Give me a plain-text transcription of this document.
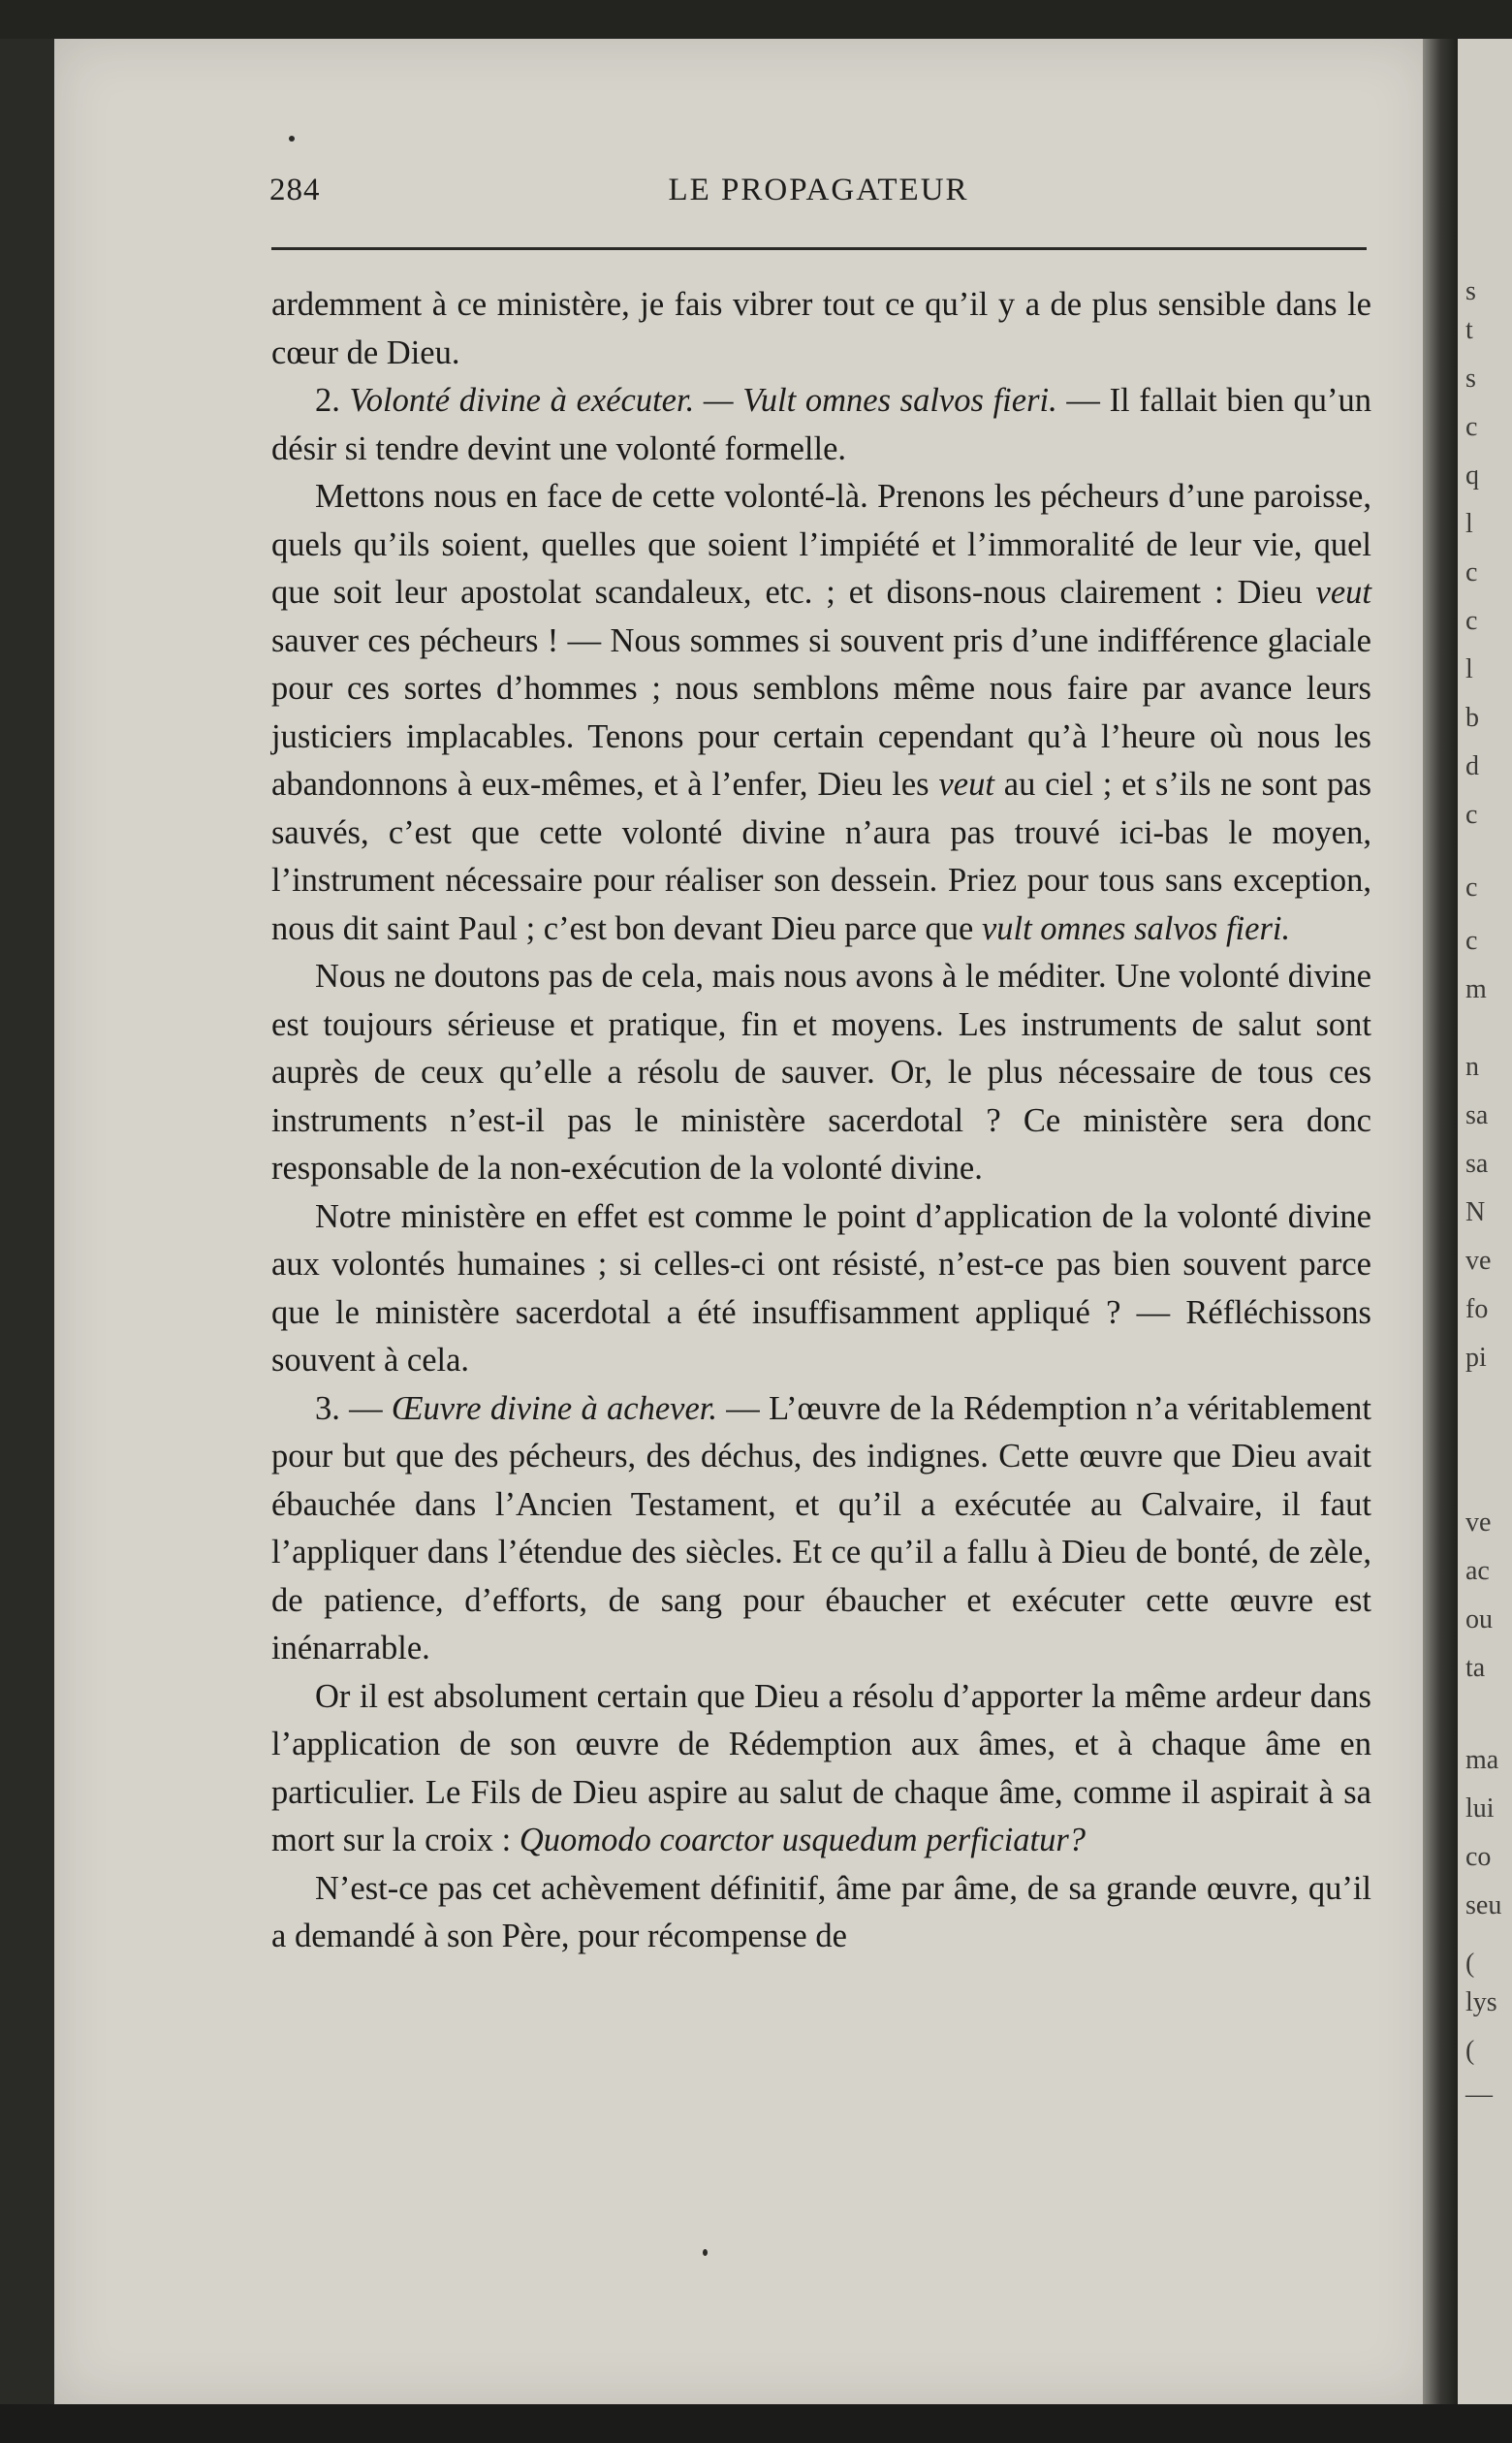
s
t
s
c
q
l
c
c
l
b
d
c
c
c
m
n
sa
sa
N
ve
fo
pi
ve
ac
ou
ta
ma
lui
co
seu
(
lys
(
—
284	LE PROPAGATEUR

ardemment à ce ministère, je fais vibrer tout ce qu’il y a de plus sensible dans le cœur de Dieu.

2. Volonté divine à exécuter. — Vult omnes salvos fieri. — Il fallait bien qu’un désir si tendre devint une volonté formelle.

Mettons nous en face de cette volonté-là. Prenons les pécheurs d’une paroisse, quels qu’ils soient, quelles que soient l’impiété et l’immoralité de leur vie, quel que soit leur apostolat scandaleux, etc. ; et disons-nous clairement : Dieu veut sauver ces pécheurs ! — Nous sommes si souvent pris d’une indifférence glaciale pour ces sortes d’hommes ; nous semblons même nous faire par avance leurs justiciers implacables. Tenons pour certain cependant qu’à l’heure où nous les abandonnons à eux-mêmes, et à l’enfer, Dieu les veut au ciel ; et s’ils ne sont pas sauvés, c’est que cette volonté divine n’aura pas trouvé ici-bas le moyen, l’instrument nécessaire pour réaliser son dessein. Priez pour tous sans exception, nous dit saint Paul ; c’est bon devant Dieu parce que vult omnes salvos fieri.

Nous ne doutons pas de cela, mais nous avons à le méditer. Une volonté divine est toujours sérieuse et pratique, fin et moyens. Les instruments de salut sont auprès de ceux qu’elle a résolu de sauver. Or, le plus nécessaire de tous ces instruments n’est-il pas le ministère sacerdotal ? Ce ministère sera donc responsable de la non-exécution de la volonté divine.

Notre ministère en effet est comme le point d’application de la volonté divine aux volontés humaines ; si celles-ci ont résisté, n’est-ce pas bien souvent parce que le ministère sacerdotal a été insuffisamment appliqué ? — Réfléchissons souvent à cela.

3. — Œuvre divine à achever. — L’œuvre de la Rédemption n’a véritablement pour but que des pécheurs, des déchus, des indignes. Cette œuvre que Dieu avait ébauchée dans l’Ancien Testament, et qu’il a exécutée au Calvaire, il faut l’appliquer dans l’étendue des siècles. Et ce qu’il a fallu à Dieu de bonté, de zèle, de patience, d’efforts, de sang pour ébaucher et exécuter cette œuvre est inénarrable.

Or il est absolument certain que Dieu a résolu d’apporter la même ardeur dans l’application de son œuvre de Rédemption aux âmes, et à chaque âme en particulier. Le Fils de Dieu aspire au salut de chaque âme, comme il aspirait à sa mort sur la croix : Quomodo coarctor usquedum perficiatur?

N’est-ce pas cet achèvement définitif, âme par âme, de sa grande œuvre, qu’il a demandé à son Père, pour récompense de
